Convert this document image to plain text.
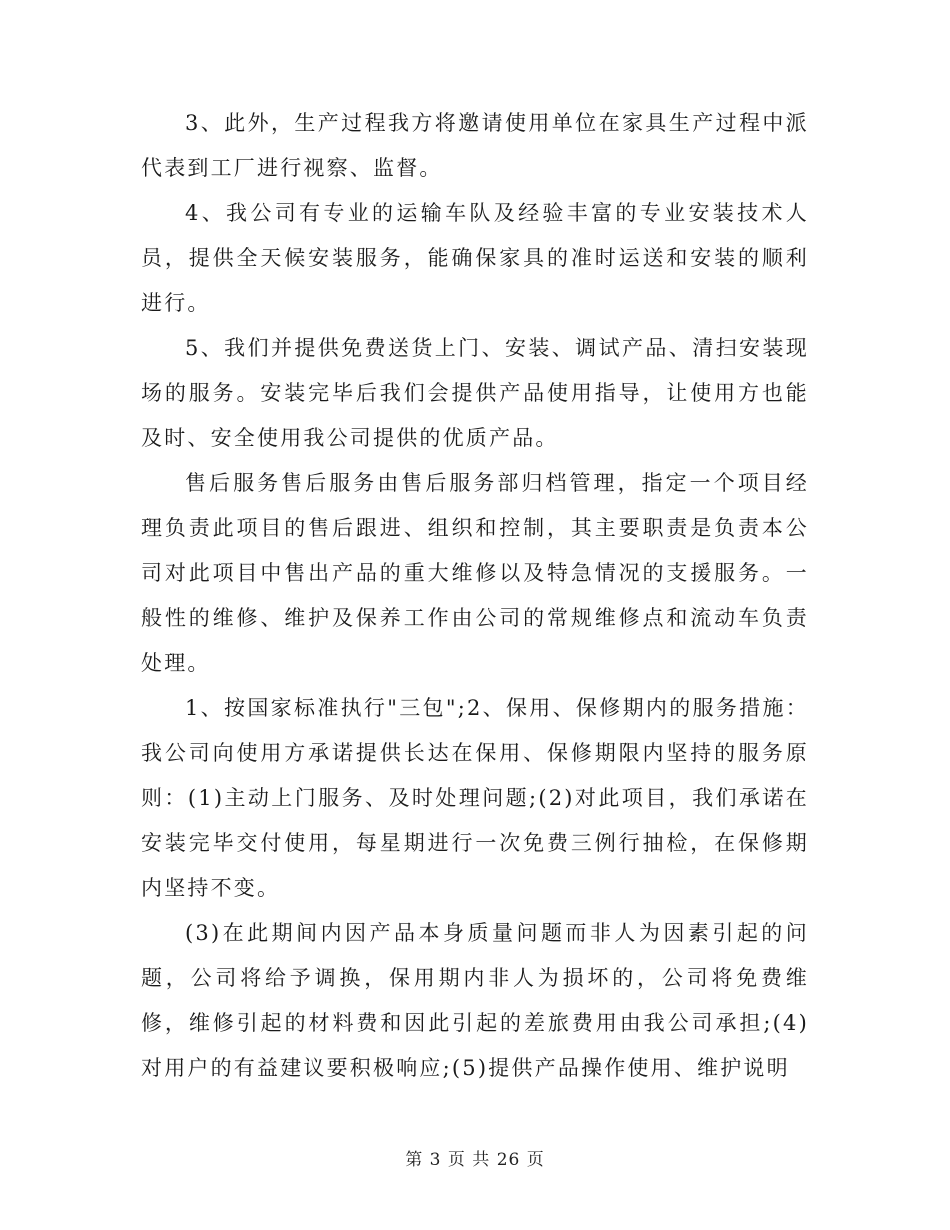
3、此外，生产过程我方将邀请使用单位在家具生产过程中派代表到工厂进行视察、监督。

4、我公司有专业的运输车队及经验丰富的专业安装技术人员，提供全天候安装服务，能确保家具的准时运送和安装的顺利进行。

5、我们并提供免费送货上门、安装、调试产品、清扫安装现场的服务。安装完毕后我们会提供产品使用指导，让使用方也能及时、安全使用我公司提供的优质产品。

售后服务售后服务由售后服务部归档管理，指定一个项目经理负责此项目的售后跟进、组织和控制，其主要职责是负责本公司对此项目中售出产品的重大维修以及特急情况的支援服务。一般性的维修、维护及保养工作由公司的常规维修点和流动车负责处理。

1、按国家标准执行"三包";2、保用、保修期内的服务措施：我公司向使用方承诺提供长达在保用、保修期限内坚持的服务原则：(1)主动上门服务、及时处理问题;(2)对此项目，我们承诺在安装完毕交付使用，每星期进行一次免费三例行抽检，在保修期内坚持不变。

(3)在此期间内因产品本身质量问题而非人为因素引起的问题，公司将给予调换，保用期内非人为损坏的，公司将免费维修，维修引起的材料费和因此引起的差旅费用由我公司承担;(4)对用户的有益建议要积极响应;(5)提供产品操作使用、维护说明

第 3 页 共 26 页
